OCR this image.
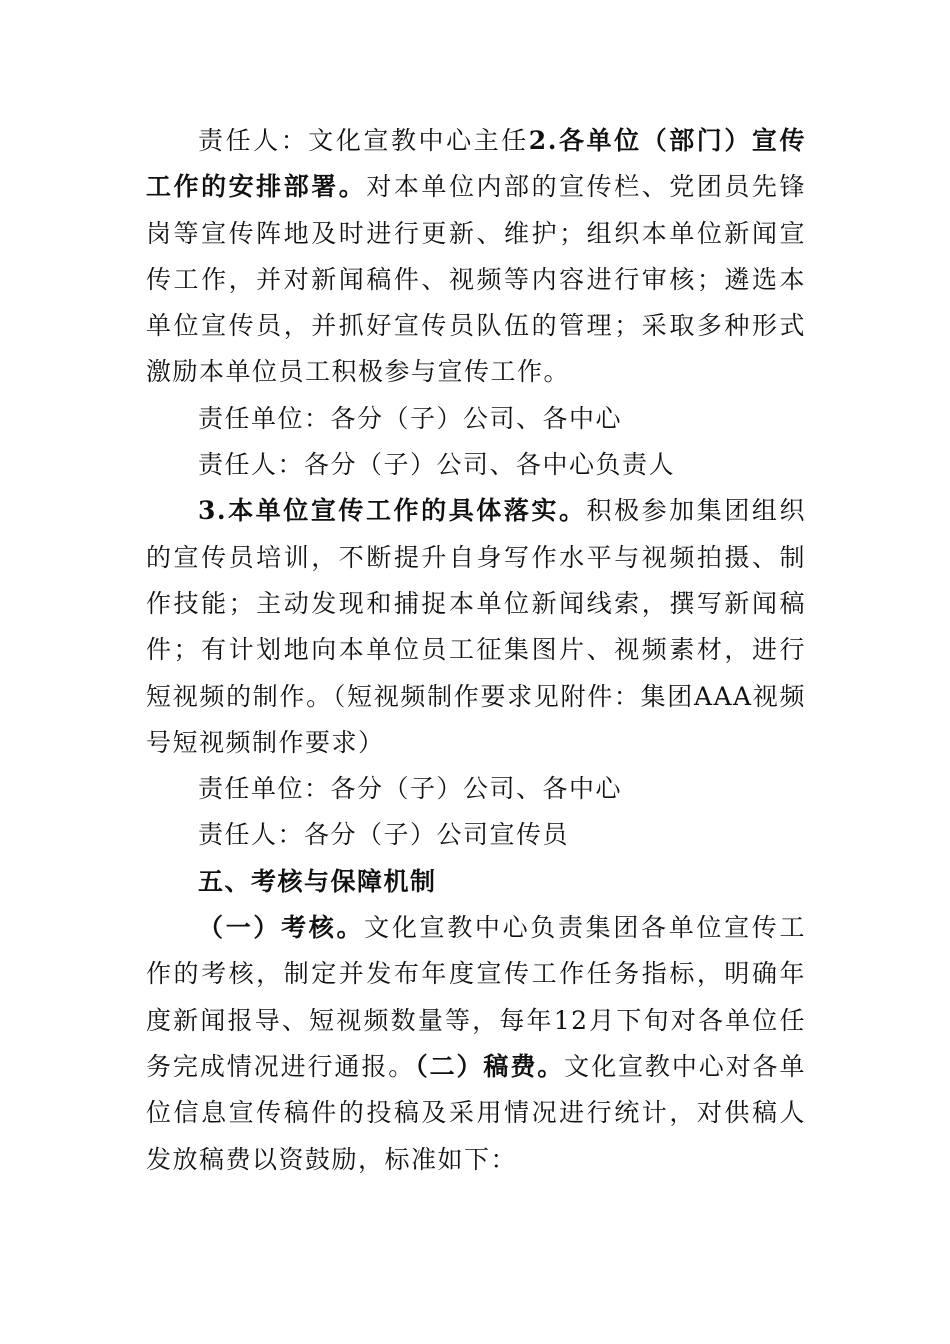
责任人：文化宣教中心主任2.各单位（部门）宣传工作的安排部署。对本单位内部的宣传栏、党团员先锋岗等宣传阵地及时进行更新、维护；组织本单位新闻宣传工作，并对新闻稿件、视频等内容进行审核；遴选本单位宣传员，并抓好宣传员队伍的管理；采取多种形式激励本单位员工积极参与宣传工作。

责任单位：各分（子）公司、各中心

责任人：各分（子）公司、各中心负责人

3.本单位宣传工作的具体落实。积极参加集团组织的宣传员培训，不断提升自身写作水平与视频拍摄、制作技能；主动发现和捕捉本单位新闻线索，撰写新闻稿件；有计划地向本单位员工征集图片、视频素材，进行短视频的制作。（短视频制作要求见附件：集团AAA视频号短视频制作要求）

责任单位：各分（子）公司、各中心

责任人：各分（子）公司宣传员

五、考核与保障机制

（一）考核。文化宣教中心负责集团各单位宣传工作的考核，制定并发布年度宣传工作任务指标，明确年度新闻报导、短视频数量等，每年12月下旬对各单位任务完成情况进行通报。（二）稿费。文化宣教中心对各单位信息宣传稿件的投稿及采用情况进行统计，对供稿人发放稿费以资鼓励，标准如下：
